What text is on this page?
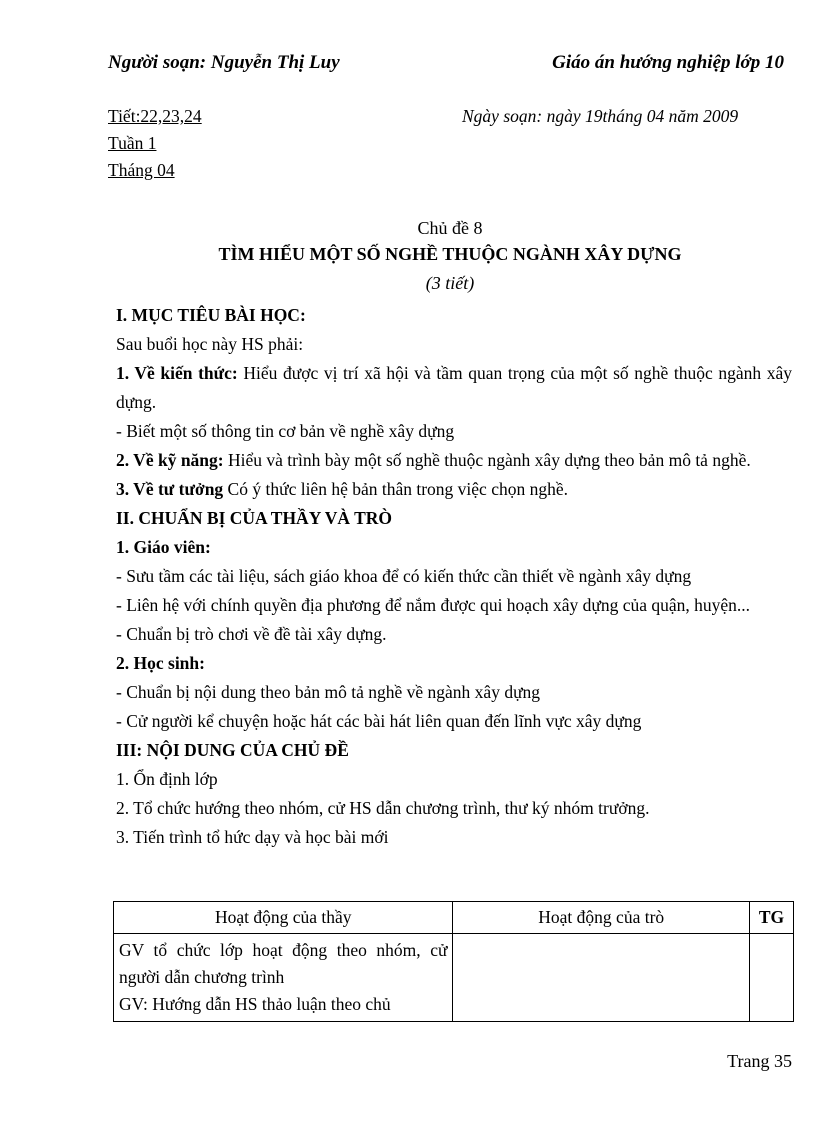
Người soạn: Nguyễn Thị Luy	Giáo án hướng nghiệp lớp 10
Tiết:22,23,24	Ngày soạn: ngày 19tháng 04 năm 2009
Tuần 1
Tháng 04
Chủ đề 8
TÌM HIỂU MỘT SỐ NGHỀ THUỘC NGÀNH XÂY DỰNG
(3 tiết)

I. MỤC TIÊU BÀI HỌC:

Sau buổi học này HS phải:

1. Về kiến thức: Hiểu được vị trí xã hội và tầm quan trọng của một số nghề thuộc ngành xây dựng.

- Biết một số thông tin cơ bản về nghề xây dựng

2. Về kỹ năng: Hiểu và trình bày một số nghề thuộc ngành xây dựng theo bản mô tả nghề.

3. Về tư tưởng Có ý thức liên hệ bản thân trong việc chọn nghề.

II. CHUẨN BỊ CỦA THẦY VÀ TRÒ

1. Giáo viên:

- Sưu tầm các tài liệu, sách giáo khoa để có kiến thức cần thiết về ngành xây dựng

- Liên hệ với chính quyền địa phương để nắm được qui hoạch xây dựng của quận, huyện...

- Chuẩn bị trò chơi về đề tài xây dựng.

2. Học sinh:

- Chuẩn bị nội dung theo bản mô tả nghề về ngành xây dựng

- Cử người kể chuyện hoặc hát các bài hát liên quan đến lĩnh vực xây dựng

III: NỘI DUNG CỦA CHỦ ĐỀ

1. Ổn định lớp

2. Tổ chức hướng theo nhóm, cử HS dẫn chương trình, thư ký nhóm trưởng.

3. Tiến trình tổ hức dạy và học bài mới

Hoạt động của thầy	Hoạt động của trò	TG

GV tổ chức lớp hoạt động theo nhóm, cử người dẫn chương trình
GV: Hướng dẫn HS thảo luận theo chủ		

Trang 35
